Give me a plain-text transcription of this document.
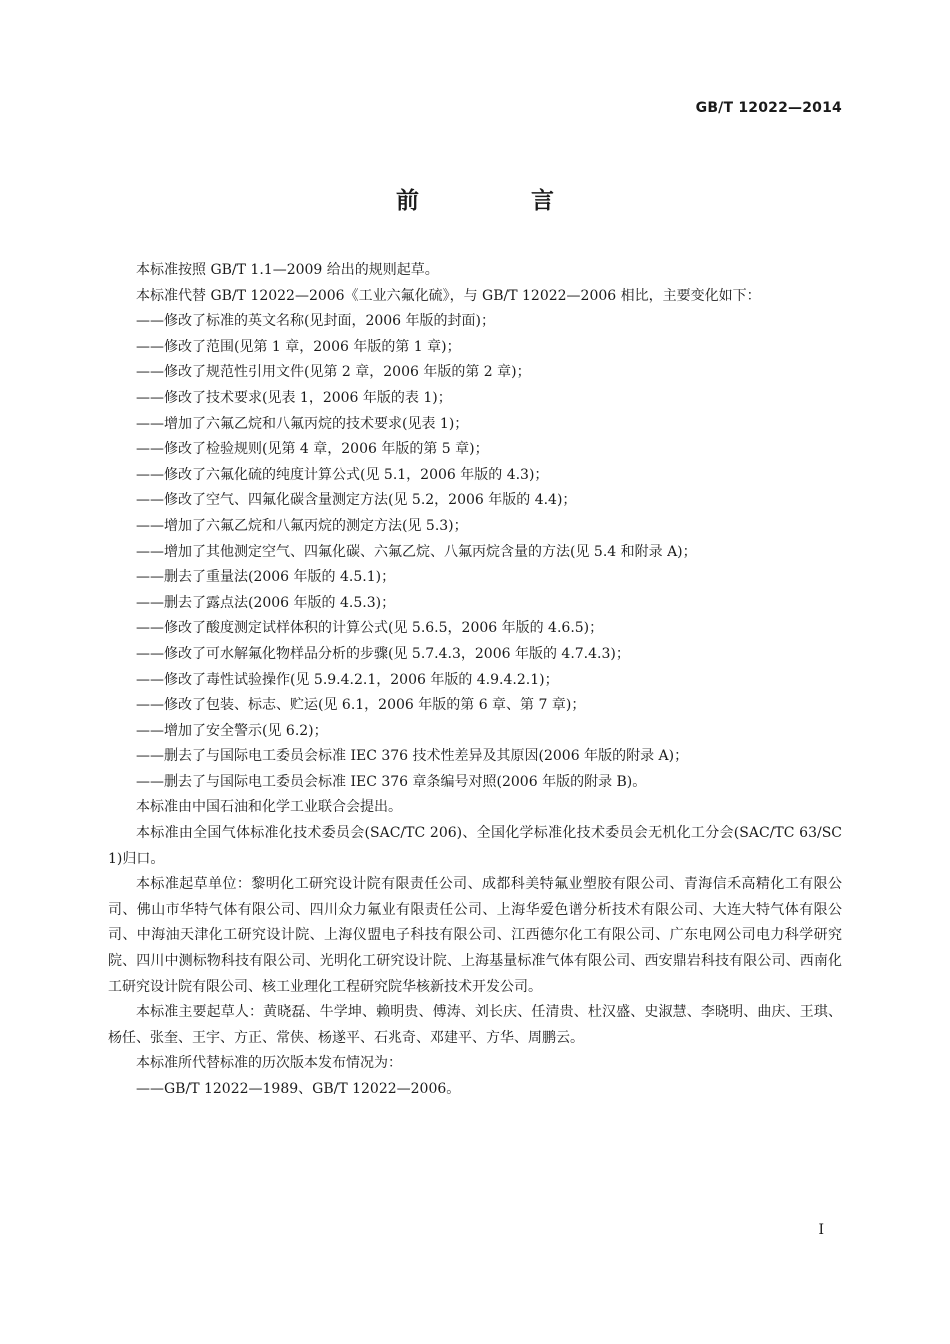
GB/T 12022—2014
前 言

本标准按照 GB/T 1.1—2009 给出的规则起草。

本标准代替 GB/T 12022—2006《工业六氟化硫》，与 GB/T 12022—2006 相比，主要变化如下：

——修改了标准的英文名称(见封面，2006 年版的封面)；

——修改了范围(见第 1 章，2006 年版的第 1 章)；

——修改了规范性引用文件(见第 2 章，2006 年版的第 2 章)；

——修改了技术要求(见表 1，2006 年版的表 1)；

——增加了六氟乙烷和八氟丙烷的技术要求(见表 1)；

——修改了检验规则(见第 4 章，2006 年版的第 5 章)；

——修改了六氟化硫的纯度计算公式(见 5.1，2006 年版的 4.3)；

——修改了空气、四氟化碳含量测定方法(见 5.2，2006 年版的 4.4)；

——增加了六氟乙烷和八氟丙烷的测定方法(见 5.3)；

——增加了其他测定空气、四氟化碳、六氟乙烷、八氟丙烷含量的方法(见 5.4 和附录 A)；

——删去了重量法(2006 年版的 4.5.1)；

——删去了露点法(2006 年版的 4.5.3)；

——修改了酸度测定试样体积的计算公式(见 5.6.5，2006 年版的 4.6.5)；

——修改了可水解氟化物样品分析的步骤(见 5.7.4.3，2006 年版的 4.7.4.3)；

——修改了毒性试验操作(见 5.9.4.2.1，2006 年版的 4.9.4.2.1)；

——修改了包装、标志、贮运(见 6.1，2006 年版的第 6 章、第 7 章)；

——增加了安全警示(见 6.2)；

——删去了与国际电工委员会标准 IEC 376 技术性差异及其原因(2006 年版的附录 A)；

——删去了与国际电工委员会标准 IEC 376 章条编号对照(2006 年版的附录 B)。

本标准由中国石油和化学工业联合会提出。

本标准由全国气体标准化技术委员会(SAC/TC 206)、全国化学标准化技术委员会无机化工分会(SAC/TC 63/SC 1)归口。

本标准起草单位：黎明化工研究设计院有限责任公司、成都科美特氟业塑胶有限公司、青海信禾高精化工有限公司、佛山市华特气体有限公司、四川众力氟业有限责任公司、上海华爱色谱分析技术有限公司、大连大特气体有限公司、中海油天津化工研究设计院、上海仪盟电子科技有限公司、江西德尔化工有限公司、广东电网公司电力科学研究院、四川中测标物科技有限公司、光明化工研究设计院、上海基量标准气体有限公司、西安鼎岩科技有限公司、西南化工研究设计院有限公司、核工业理化工程研究院华核新技术开发公司。

本标准主要起草人：黄晓磊、牛学坤、赖明贵、傅涛、刘长庆、任清贵、杜汉盛、史淑慧、李晓明、曲庆、王琪、杨任、张奎、王宇、方正、常侠、杨遂平、石兆奇、邓建平、方华、周鹏云。

本标准所代替标准的历次版本发布情况为：

——GB/T 12022—1989、GB/T 12022—2006。

I
